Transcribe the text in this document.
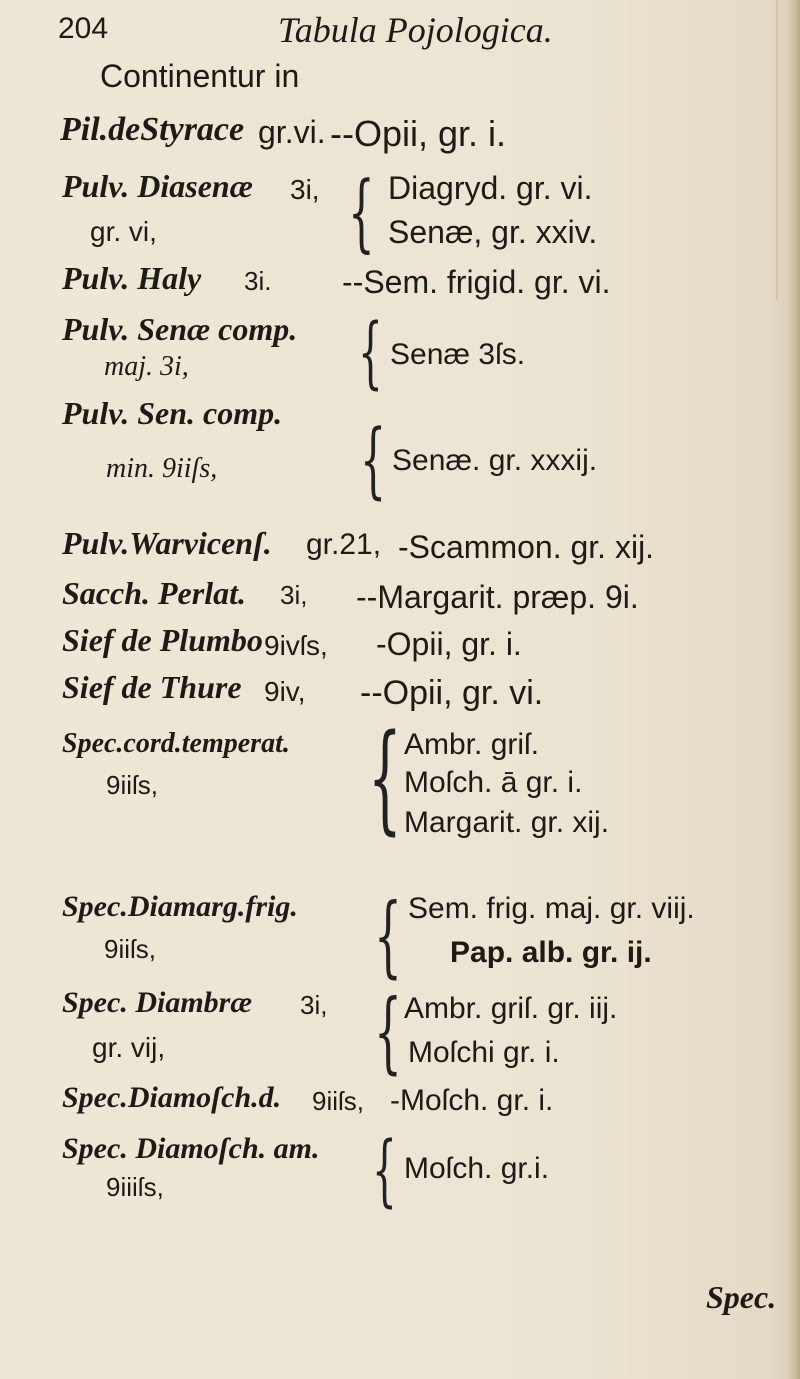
204	Tabula Pojologica.
Continentur in
Pil.deStyrace gr.vi. --Opii, gr. i.
Pulv. Diasenæ 3i,
gr. vi, { Diagryd. gr. vi.
Senæ, gr. xxiv.
Pulv. Haly 3i. --Sem. frigid. gr. vi.
Pulv. Senæ comp.
maj. 3i, { Senæ 3ſs.
Pulv. Sen. comp.
min. 9iiſs, { Senæ. gr. xxxij.
Pulv.Warvicenſ. gr.21, -Scammon. gr. xij.
Sacch. Perlat. 3i, --Margarit. præp. 9i.
Sief de Plumbo 9ivſs, -Opii, gr. i.
Sief de Thure 9iv, --Opii, gr. vi.
Spec.cord.temperat.
9iiſs, { Ambr. griſ.
Moſch. ā gr. i.
Margarit. gr. xij.
Spec.Diamarg.frig.
9iiſs, { Sem. frig. maj. gr. viij.
Pap. alb. gr. ij.
Spec. Diambræ 3i,
gr. vij, { Ambr. griſ. gr. iij.
Moſchi gr. i.
Spec.Diamoſch.d. 9iiſs, -Moſch. gr. i.
Spec. Diamoſch. am.
9iiiſs,	{ Moſch. gr.i.
Spec.
